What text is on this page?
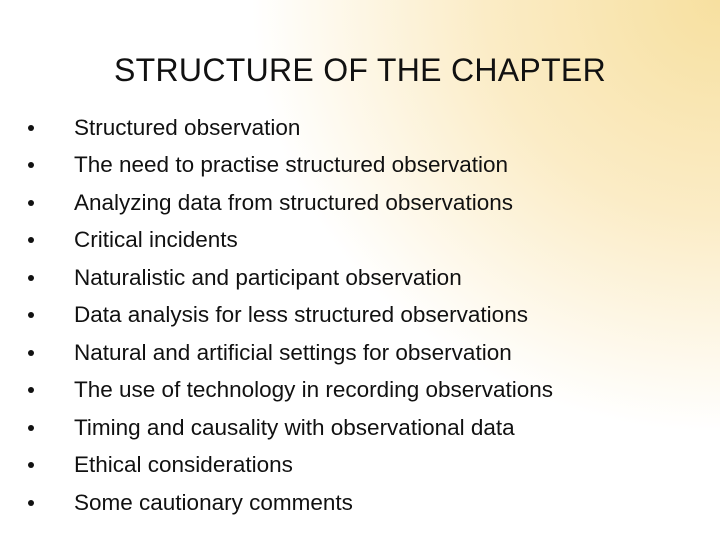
STRUCTURE OF THE CHAPTER
Structured observation
The need to practise structured observation
Analyzing data from structured observations
Critical incidents
Naturalistic and participant observation
Data analysis for less structured observations
Natural and artificial settings for observation
The use of technology in recording observations
Timing and causality with observational data
Ethical considerations
Some cautionary comments
